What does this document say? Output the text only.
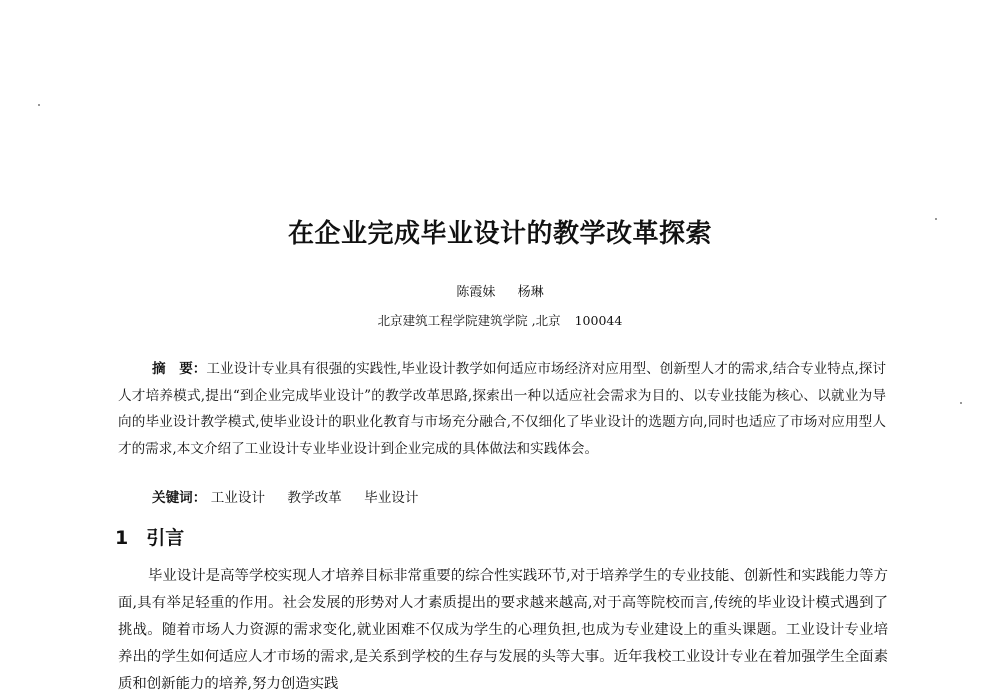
在企业完成毕业设计的教学改革探索
陈霞妹 杨琳
北京建筑工程学院建筑学院 ,北京 100044
摘　要：工业设计专业具有很强的实践性,毕业设计教学如何适应市场经济对应用型、创新型人才的需求,结合专业特点,探讨人才培养模式,提出“到企业完成毕业设计”的教学改革思路,探索出一种以适应社会需求为目的、以专业技能为核心、以就业为导向的毕业设计教学模式,使毕业设计的职业化教育与市场充分融合,不仅细化了毕业设计的选题方向,同时也适应了市场对应用型人才的需求,本文介绍了工业设计专业毕业设计到企业完成的具体做法和实践体会。
关键词： 工业设计 教学改革 毕业设计
1 引言
毕业设计是高等学校实现人才培养目标非常重要的综合性实践环节,对于培养学生的专业技能、创新性和实践能力等方面,具有举足轻重的作用。社会发展的形势对人才素质提出的要求越来越高,对于高等院校而言,传统的毕业设计模式遇到了挑战。随着市场人力资源的需求变化,就业困难不仅成为学生的心理负担,也成为专业建设上的重头课题。工业设计专业培养出的学生如何适应人才市场的需求,是关系到学校的生存与发展的头等大事。近年我校工业设计专业在着加强学生全面素质和创新能力的培养,努力创造实践
